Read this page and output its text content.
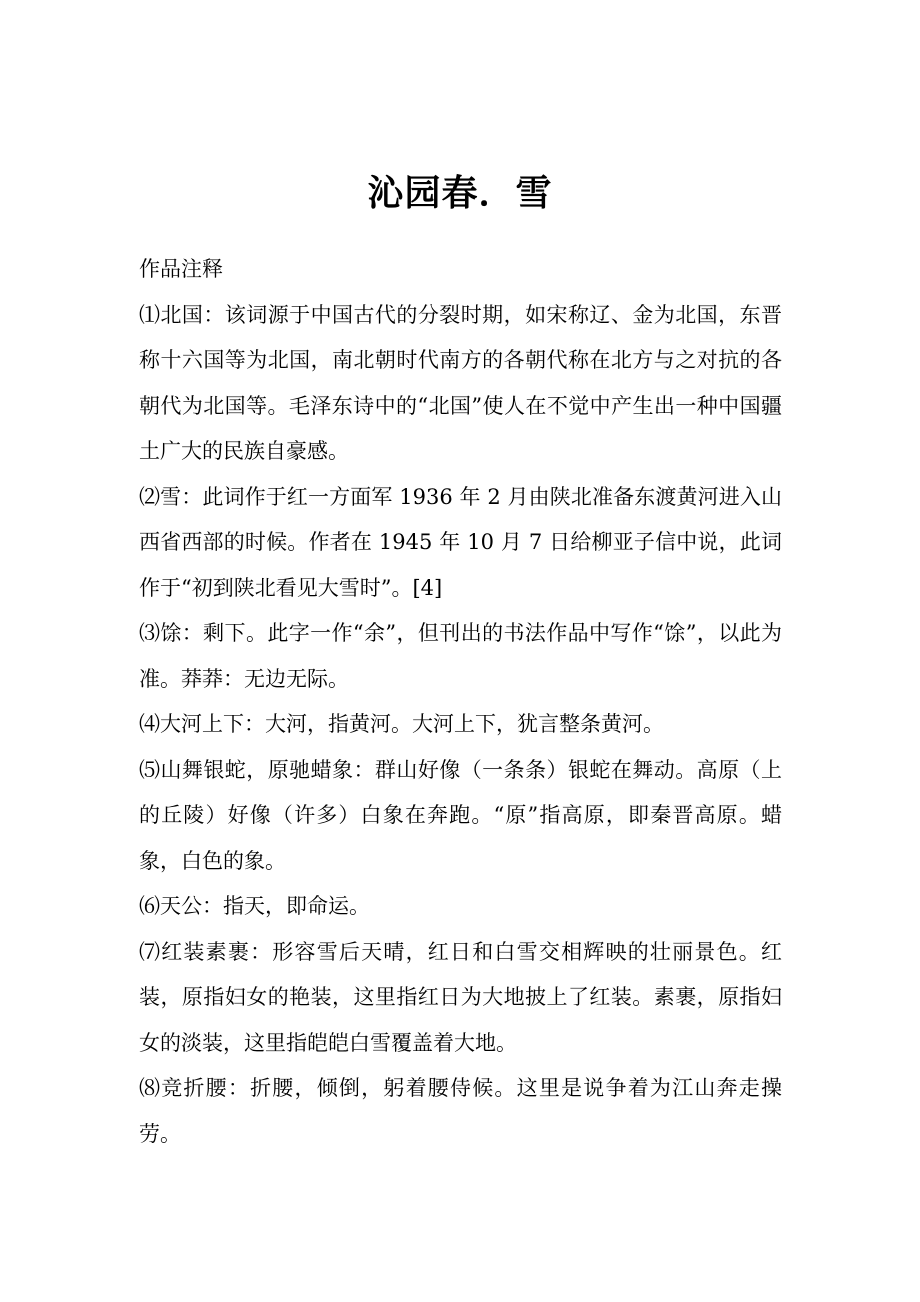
沁园春．雪

作品注释

⑴北国：该词源于中国古代的分裂时期，如宋称辽、金为北国，东晋称十六国等为北国，南北朝时代南方的各朝代称在北方与之对抗的各朝代为北国等。毛泽东诗中的“北国”使人在不觉中产生出一种中国疆土广大的民族自豪感。

⑵雪：此词作于红一方面军 1936 年 2 月由陕北准备东渡黄河进入山西省西部的时候。作者在 1945 年 10 月 7 日给柳亚子信中说，此词作于“初到陕北看见大雪时”。[4]

⑶馀：剩下。此字一作“余”，但刊出的书法作品中写作“馀”，以此为准。莽莽：无边无际。

⑷大河上下：大河，指黄河。大河上下，犹言整条黄河。

⑸山舞银蛇，原驰蜡象：群山好像（一条条）银蛇在舞动。高原（上的丘陵）好像（许多）白象在奔跑。“原”指高原，即秦晋高原。蜡象，白色的象。

⑹天公：指天，即命运。

⑺红装素裹：形容雪后天晴，红日和白雪交相辉映的壮丽景色。红装，原指妇女的艳装，这里指红日为大地披上了红装。素裹，原指妇女的淡装，这里指皑皑白雪覆盖着大地。

⑻竞折腰：折腰，倾倒，躬着腰侍候。这里是说争着为江山奔走操劳。
